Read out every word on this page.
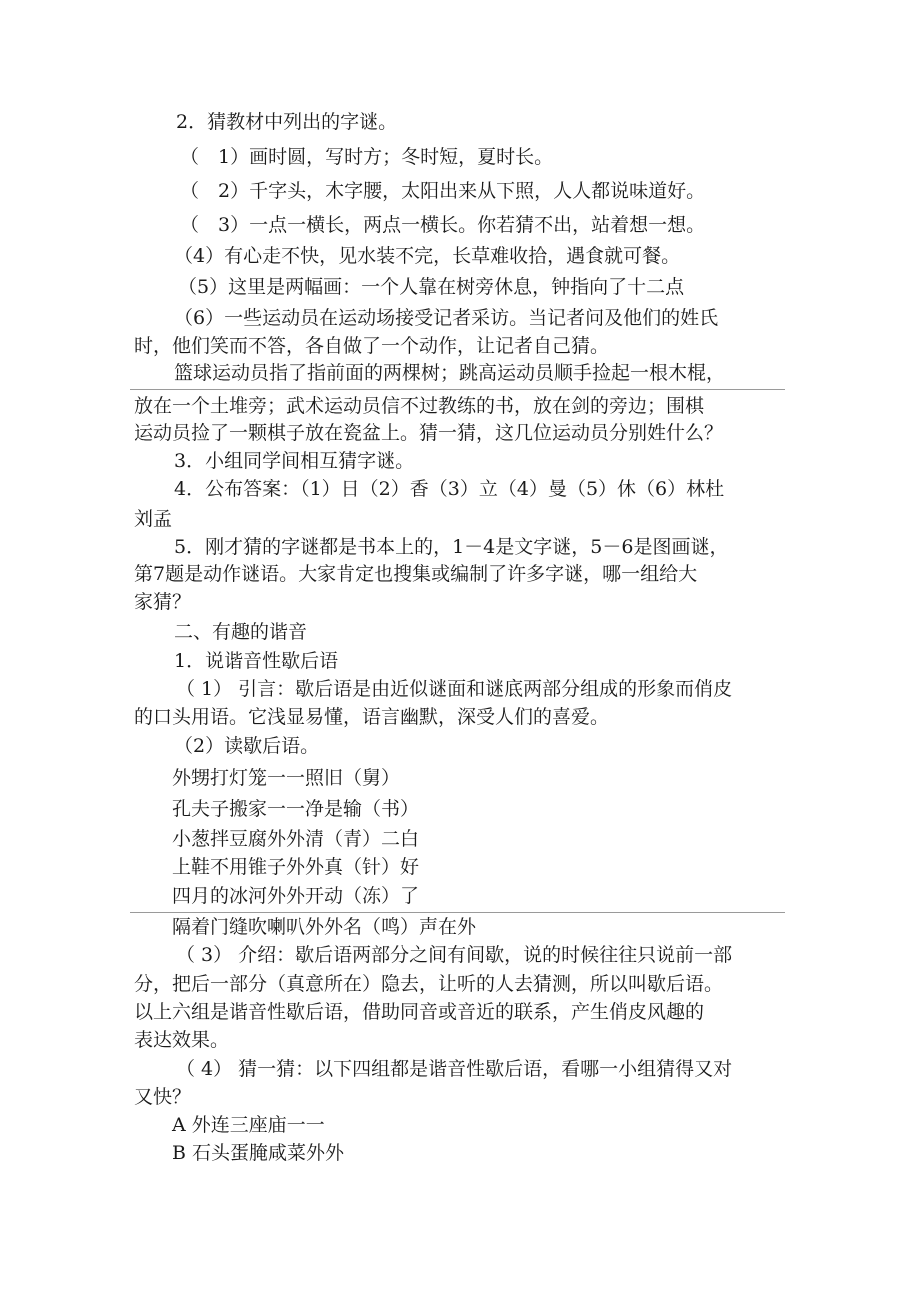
2．猜教材中列出的字谜。
（　1）画时圆，写时方；冬时短，夏时长。
（　2）千字头，木字腰，太阳出来从下照，人人都说味道好。
（　3）一点一横长，两点一横长。你若猜不出，站着想一想。
（4）有心走不快，见水装不完，长草难收拾，遇食就可餐。
（5）这里是两幅画：一个人靠在树旁休息，钟指向了十二点
（6）一些运动员在运动场接受记者采访。当记者问及他们的姓氏
时，他们笑而不答，各自做了一个动作，让记者自己猜。
篮球运动员指了指前面的两棵树；跳高运动员顺手捡起一根木棍，
放在一个土堆旁；武术运动员信不过教练的书，放在剑的旁边；围棋
运动员捡了一颗棋子放在瓷盆上。猜一猜，这几位运动员分别姓什么？
3．小组同学间相互猜字谜。
4．公布答案：（1）日（2）香（3）立（4）曼（5）休（6）林杜
刘孟
5．刚才猜的字谜都是书本上的，1－4是文字谜，5－6是图画谜，
第7题是动作谜语。大家肯定也搜集或编制了许多字谜，哪一组给大
家猜？
二、有趣的谐音
1．说谐音性歇后语
（ 1） 引言：歇后语是由近似谜面和谜底两部分组成的形象而俏皮
的口头用语。它浅显易懂，语言幽默，深受人们的喜爱。
（2）读歇后语。
外甥打灯笼一一照旧（舅）
孔夫子搬家一一净是输（书）
小葱拌豆腐外外清（青）二白
上鞋不用锥子外外真（针）好
四月的冰河外外开动（冻）了
隔着门缝吹喇叭外外名（鸣）声在外
（ 3） 介绍：歇后语两部分之间有间歇，说的时候往往只说前一部
分，把后一部分（真意所在）隐去，让听的人去猜测，所以叫歇后语。
以上六组是谐音性歇后语，借助同音或音近的联系，产生俏皮风趣的
表达效果。
（ 4） 猜一猜：以下四组都是谐音性歇后语，看哪一小组猜得又对
又快？
A 外连三座庙一一
B 石头蛋腌咸菜外外
